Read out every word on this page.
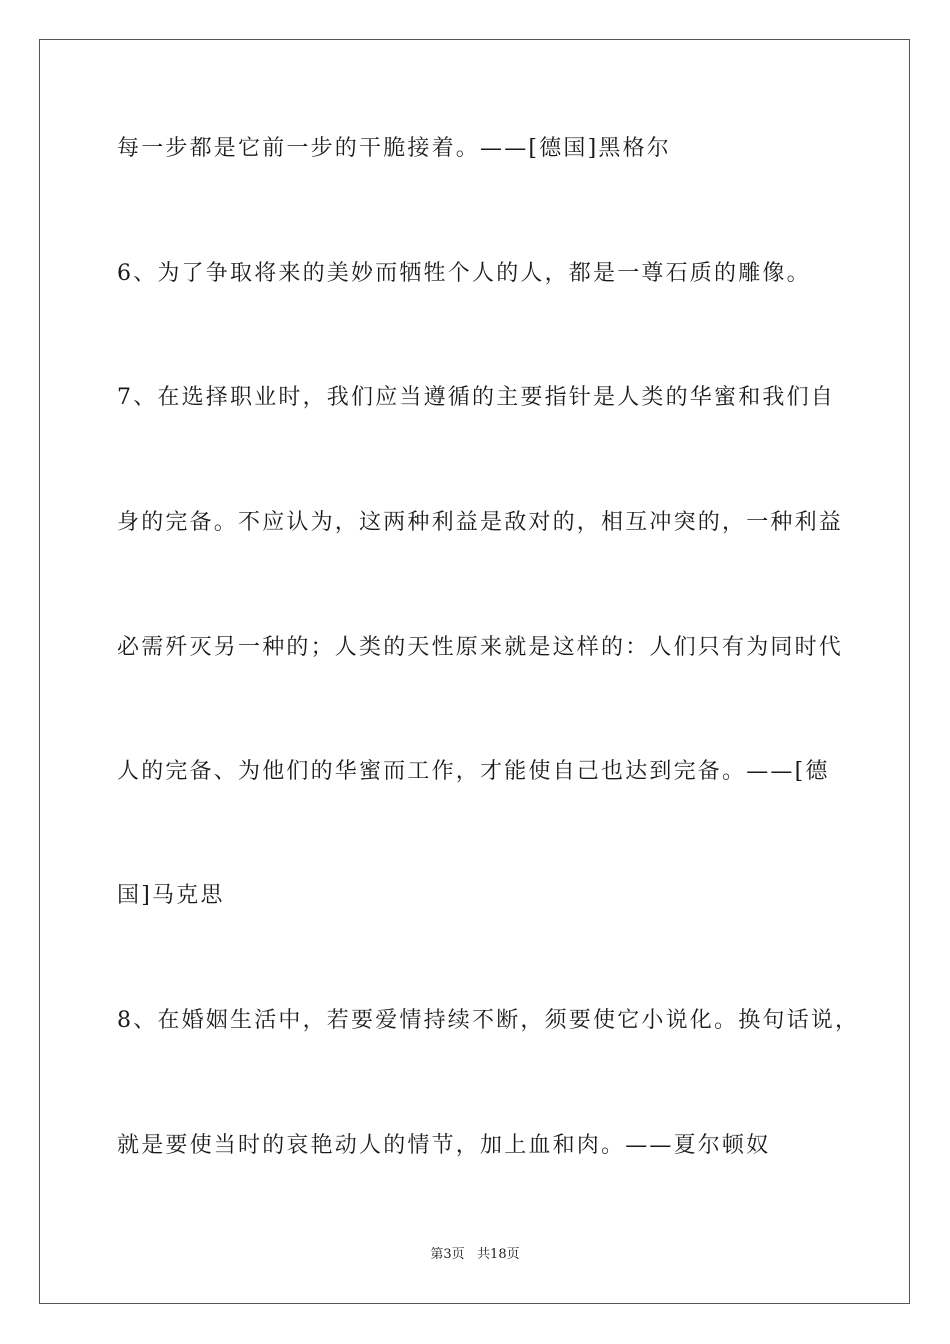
每一步都是它前一步的干脆接着。——[德国]黑格尔
6、为了争取将来的美妙而牺牲个人的人，都是一尊石质的雕像。
7、在选择职业时，我们应当遵循的主要指针是人类的华蜜和我们自
身的完备。不应认为，这两种利益是敌对的，相互冲突的，一种利益
必需歼灭另一种的；人类的天性原来就是这样的：人们只有为同时代
人的完备、为他们的华蜜而工作，才能使自己也达到完备。——[德
国]马克思
8、在婚姻生活中，若要爱情持续不断，须要使它小说化。换句话说，
就是要使当时的哀艳动人的情节，加上血和肉。——夏尔顿奴
第3页   共18页
